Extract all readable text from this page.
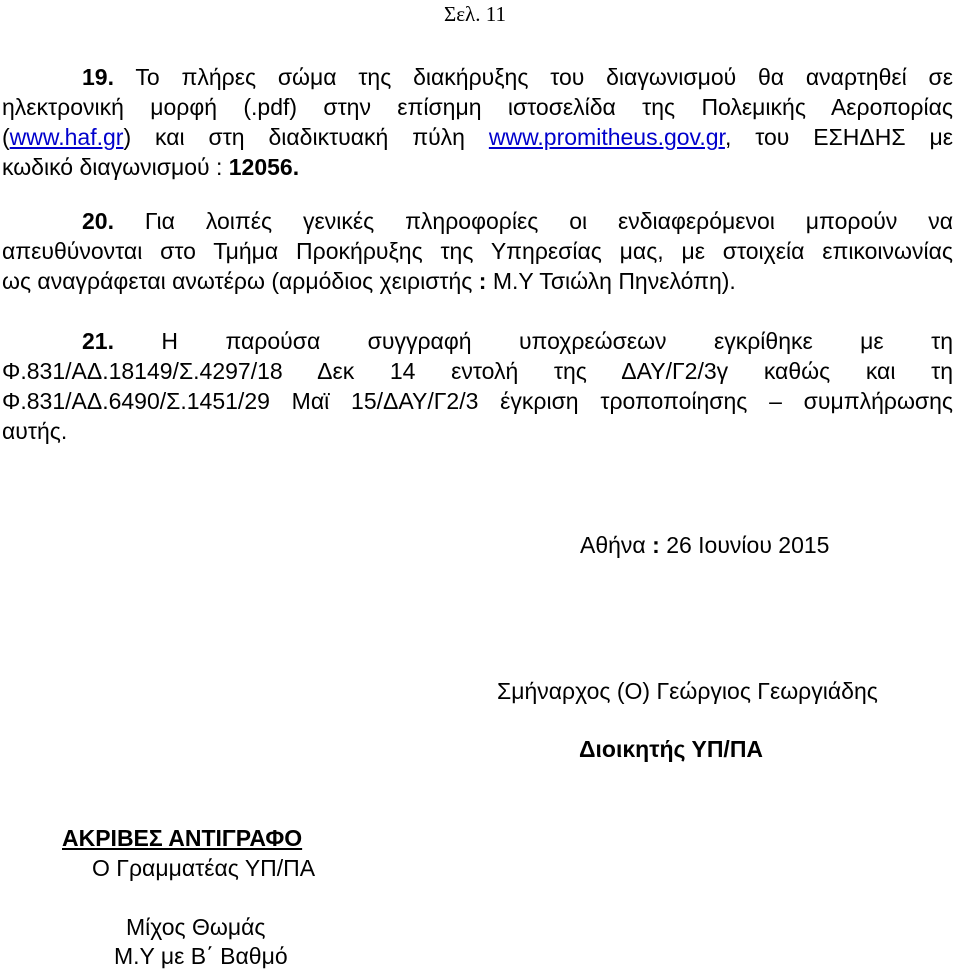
Σελ. 11
19. Το πλήρες σώμα της διακήρυξης του διαγωνισμού θα αναρτηθεί σε
ηλεκτρονική μορφή (.pdf) στην επίσημη ιστοσελίδα της Πολεμικής Αεροπορίας
(www.haf.gr) και στη διαδικτυακή πύλη www.promitheus.gov.gr, του ΕΣΗΔΗΣ με
κωδικό διαγωνισμού : 12056.
20. Για λοιπές γενικές πληροφορίες οι ενδιαφερόμενοι μπορούν να
απευθύνονται στο Τμήμα Προκήρυξης της Υπηρεσίας μας, με στοιχεία επικοινωνίας
ως αναγράφεται ανωτέρω (αρμόδιος χειριστής : Μ.Υ Τσιώλη Πηνελόπη).
21. Η παρούσα συγγραφή υποχρεώσεων εγκρίθηκε με τη
Φ.831/ΑΔ.18149/Σ.4297/18 Δεκ 14 εντολή της ΔΑΥ/Γ2/3γ καθώς και τη
Φ.831/ΑΔ.6490/Σ.1451/29 Μαϊ 15/ΔΑΥ/Γ2/3 έγκριση τροποποίησης – συμπλήρωσης
αυτής.
Αθήνα : 26 Ιουνίου 2015
Σμήναρχος (Ο) Γεώργιος Γεωργιάδης
Διοικητής ΥΠ/ΠΑ
ΑΚΡΙΒΕΣ ΑΝΤΙΓΡΑΦΟ
Ο Γραμματέας ΥΠ/ΠΑ
Μίχος Θωμάς
Μ.Υ με Β΄ Βαθμό
